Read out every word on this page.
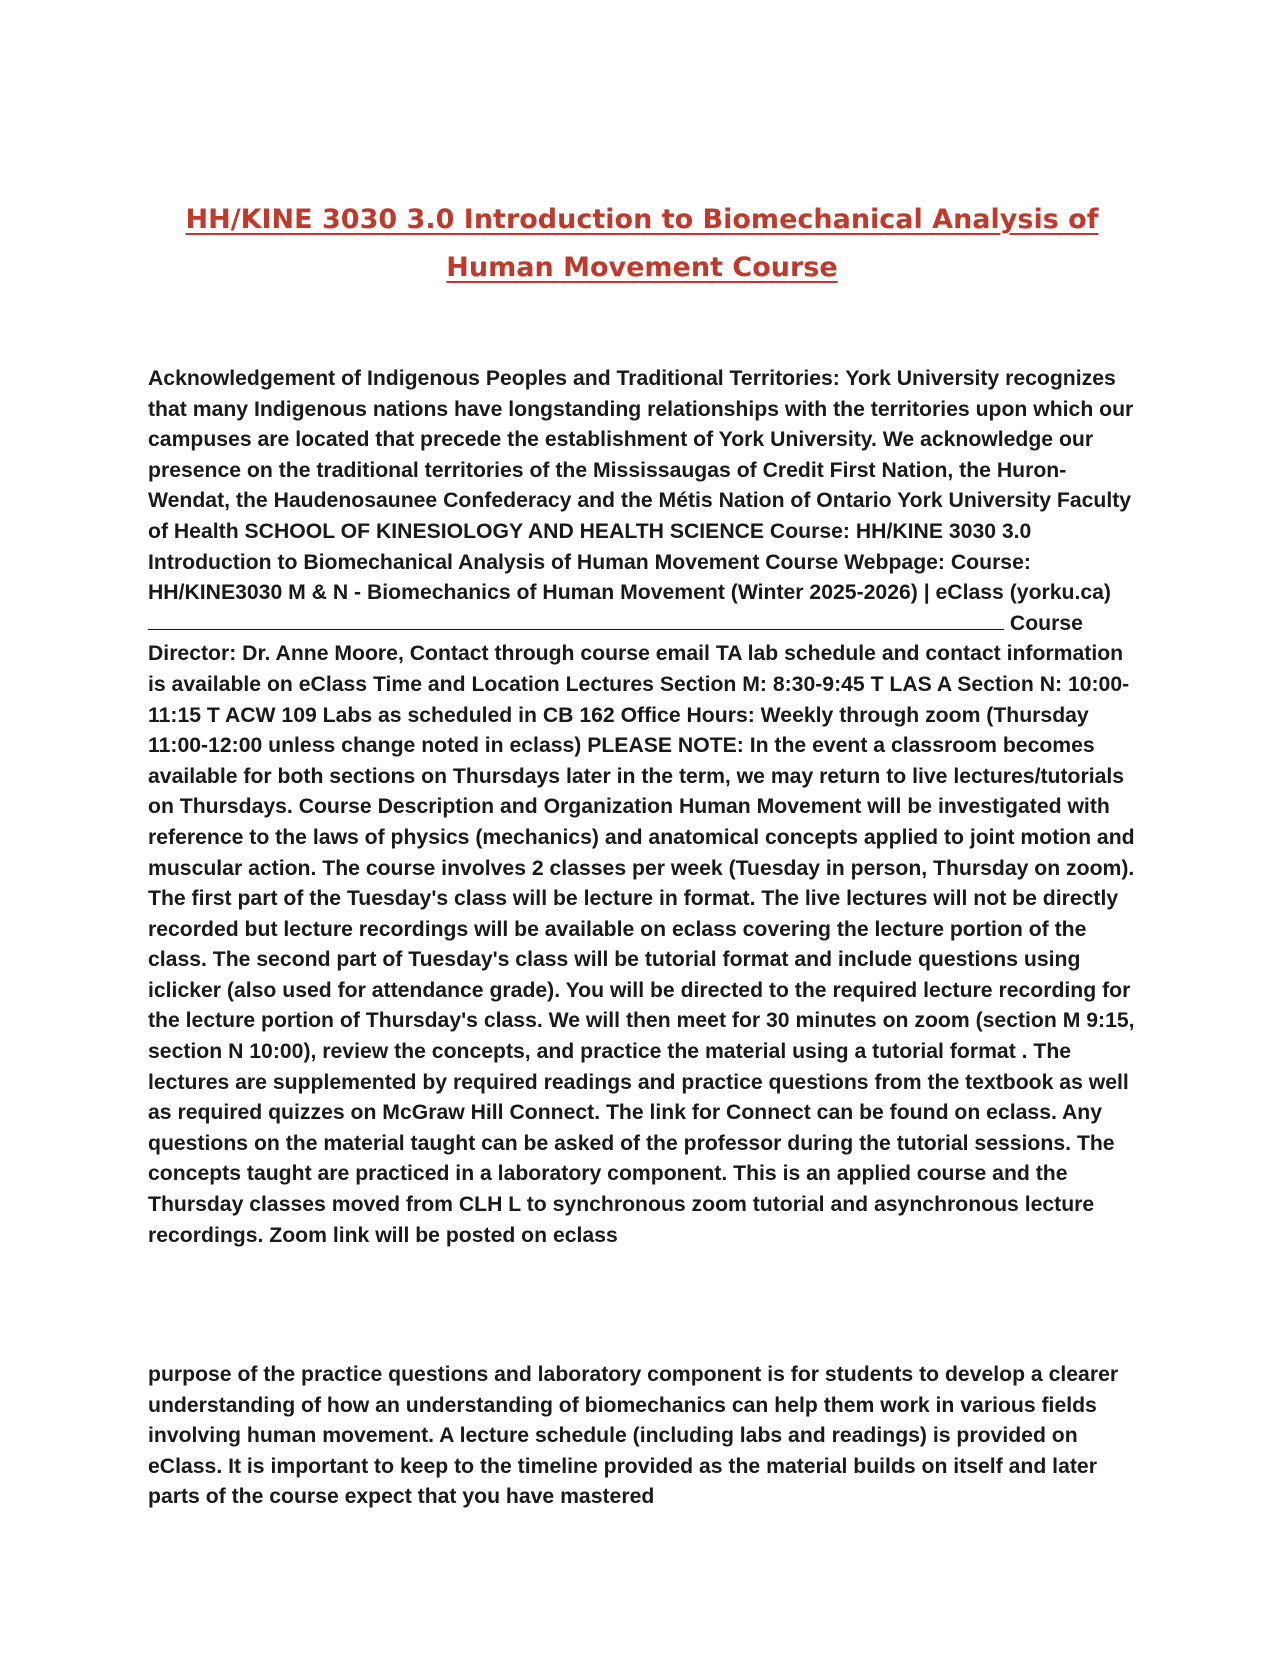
HH/KINE 3030 3.0 Introduction to Biomechanical Analysis of
Human Movement Course

Acknowledgement of Indigenous Peoples and Traditional Territories: York University recognizes that many Indigenous nations have longstanding relationships with the territories upon which our campuses are located that precede the establishment of York University. We acknowledge our presence on the traditional territories of the Mississaugas of Credit First Nation, the Huron-Wendat, the Haudenosaunee Confederacy and the Métis Nation of Ontario York University Faculty of Health SCHOOL OF KINESIOLOGY AND HEALTH SCIENCE Course: HH/KINE 3030 3.0 Introduction to Biomechanical Analysis of Human Movement Course Webpage: Course: HH/KINE3030 M & N - Biomechanics of Human Movement (Winter 2025-2026) | eClass (yorku.ca)  Course Director: Dr. Anne Moore, Contact through course email TA lab schedule and contact information is available on eClass Time and Location Lectures Section M: 8:30-9:45 T LAS A Section N: 10:00-11:15 T ACW 109 Labs as scheduled in CB 162 Office Hours: Weekly through zoom (Thursday 11:00-12:00 unless change noted in eclass) PLEASE NOTE: In the event a classroom becomes available for both sections on Thursdays later in the term, we may return to live lectures/tutorials on Thursdays. Course Description and Organization Human Movement will be investigated with reference to the laws of physics (mechanics) and anatomical concepts applied to joint motion and muscular action. The course involves 2 classes per week (Tuesday in person, Thursday on zoom). The first part of the Tuesday's class will be lecture in format. The live lectures will not be directly recorded but lecture recordings will be available on eclass covering the lecture portion of the class. The second part of Tuesday's class will be tutorial format and include questions using iclicker (also used for attendance grade). You will be directed to the required lecture recording for the lecture portion of Thursday's class. We will then meet for 30 minutes on zoom (section M 9:15, section N 10:00), review the concepts, and practice the material using a tutorial format . The lectures are supplemented by required readings and practice questions from the textbook as well as required quizzes on McGraw Hill Connect. The link for Connect can be found on eclass. Any questions on the material taught can be asked of the professor during the tutorial sessions. The concepts taught are practiced in a laboratory component. This is an applied course and the Thursday classes moved from CLH L to synchronous zoom tutorial and asynchronous lecture recordings. Zoom link will be posted on eclass

purpose of the practice questions and laboratory component is for students to develop a clearer understanding of how an understanding of biomechanics can help them work in various fields involving human movement. A lecture schedule (including labs and readings) is provided on eClass. It is important to keep to the timeline provided as the material builds on itself and later parts of the course expect that you have mastered
